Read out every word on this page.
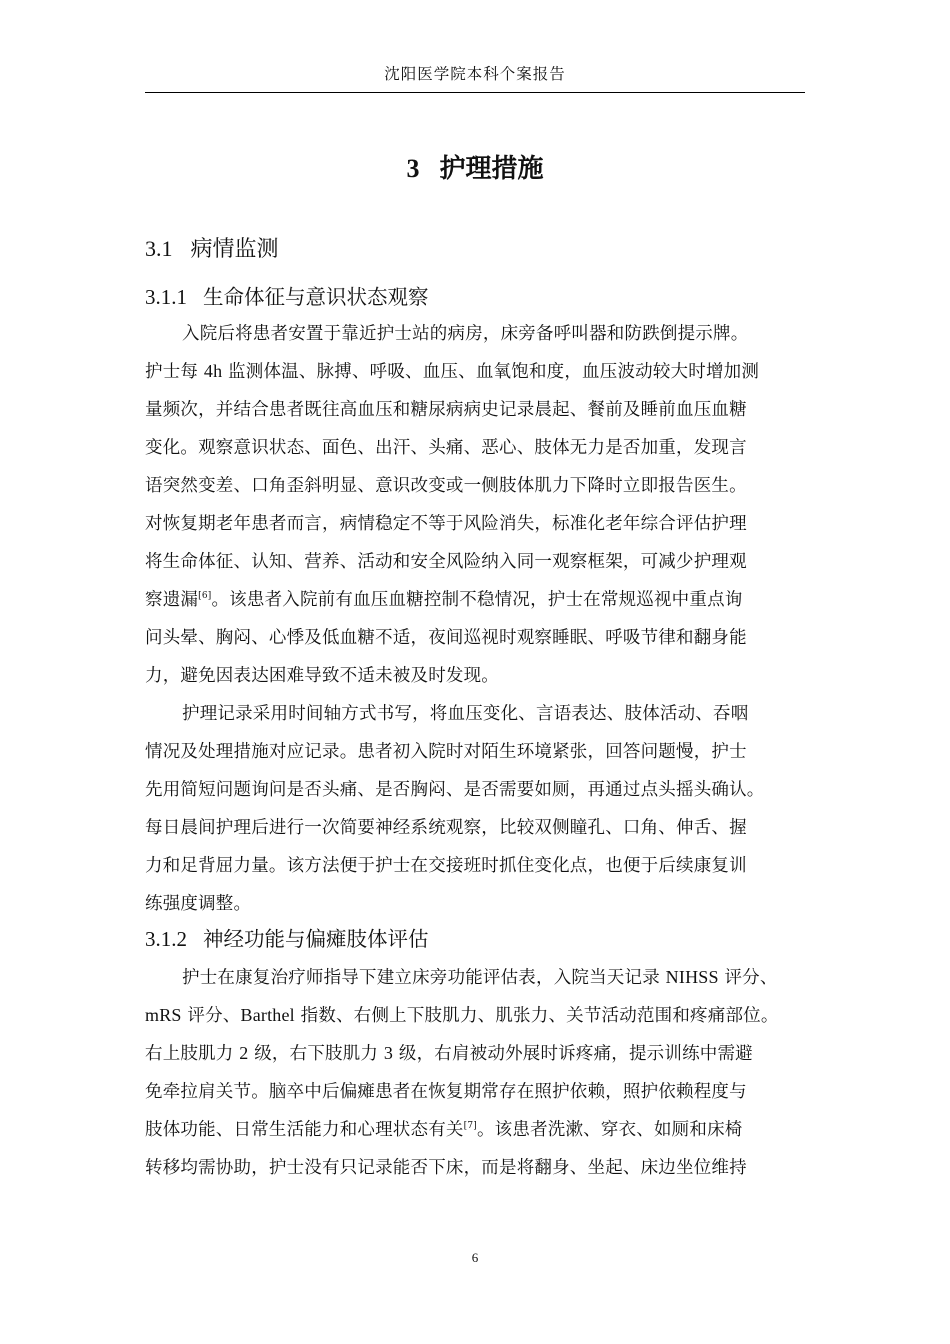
沈阳医学院本科个案报告
3 护理措施
3.1 病情监测
3.1.1 生命体征与意识状态观察
入院后将患者安置于靠近护士站的病房，床旁备呼叫器和防跌倒提示牌。
护士每 4h 监测体温、脉搏、呼吸、血压、血氧饱和度，血压波动较大时增加测
量频次，并结合患者既往高血压和糖尿病病史记录晨起、餐前及睡前血压血糖
变化。观察意识状态、面色、出汗、头痛、恶心、肢体无力是否加重，发现言
语突然变差、口角歪斜明显、意识改变或一侧肢体肌力下降时立即报告医生。
对恢复期老年患者而言，病情稳定不等于风险消失，标准化老年综合评估护理
将生命体征、认知、营养、活动和安全风险纳入同一观察框架，可减少护理观
察遗漏[6]。该患者入院前有血压血糖控制不稳情况，护士在常规巡视中重点询
问头晕、胸闷、心悸及低血糖不适，夜间巡视时观察睡眠、呼吸节律和翻身能
力，避免因表达困难导致不适未被及时发现。
护理记录采用时间轴方式书写，将血压变化、言语表达、肢体活动、吞咽
情况及处理措施对应记录。患者初入院时对陌生环境紧张，回答问题慢，护士
先用简短问题询问是否头痛、是否胸闷、是否需要如厕，再通过点头摇头确认。
每日晨间护理后进行一次简要神经系统观察，比较双侧瞳孔、口角、伸舌、握
力和足背屈力量。该方法便于护士在交接班时抓住变化点，也便于后续康复训
练强度调整。
3.1.2 神经功能与偏瘫肢体评估
护士在康复治疗师指导下建立床旁功能评估表，入院当天记录 NIHSS 评分、
mRS 评分、Barthel 指数、右侧上下肢肌力、肌张力、关节活动范围和疼痛部位。
右上肢肌力 2 级，右下肢肌力 3 级，右肩被动外展时诉疼痛，提示训练中需避
免牵拉肩关节。脑卒中后偏瘫患者在恢复期常存在照护依赖，照护依赖程度与
肢体功能、日常生活能力和心理状态有关[7]。该患者洗漱、穿衣、如厕和床椅
转移均需协助，护士没有只记录能否下床，而是将翻身、坐起、床边坐位维持
6
